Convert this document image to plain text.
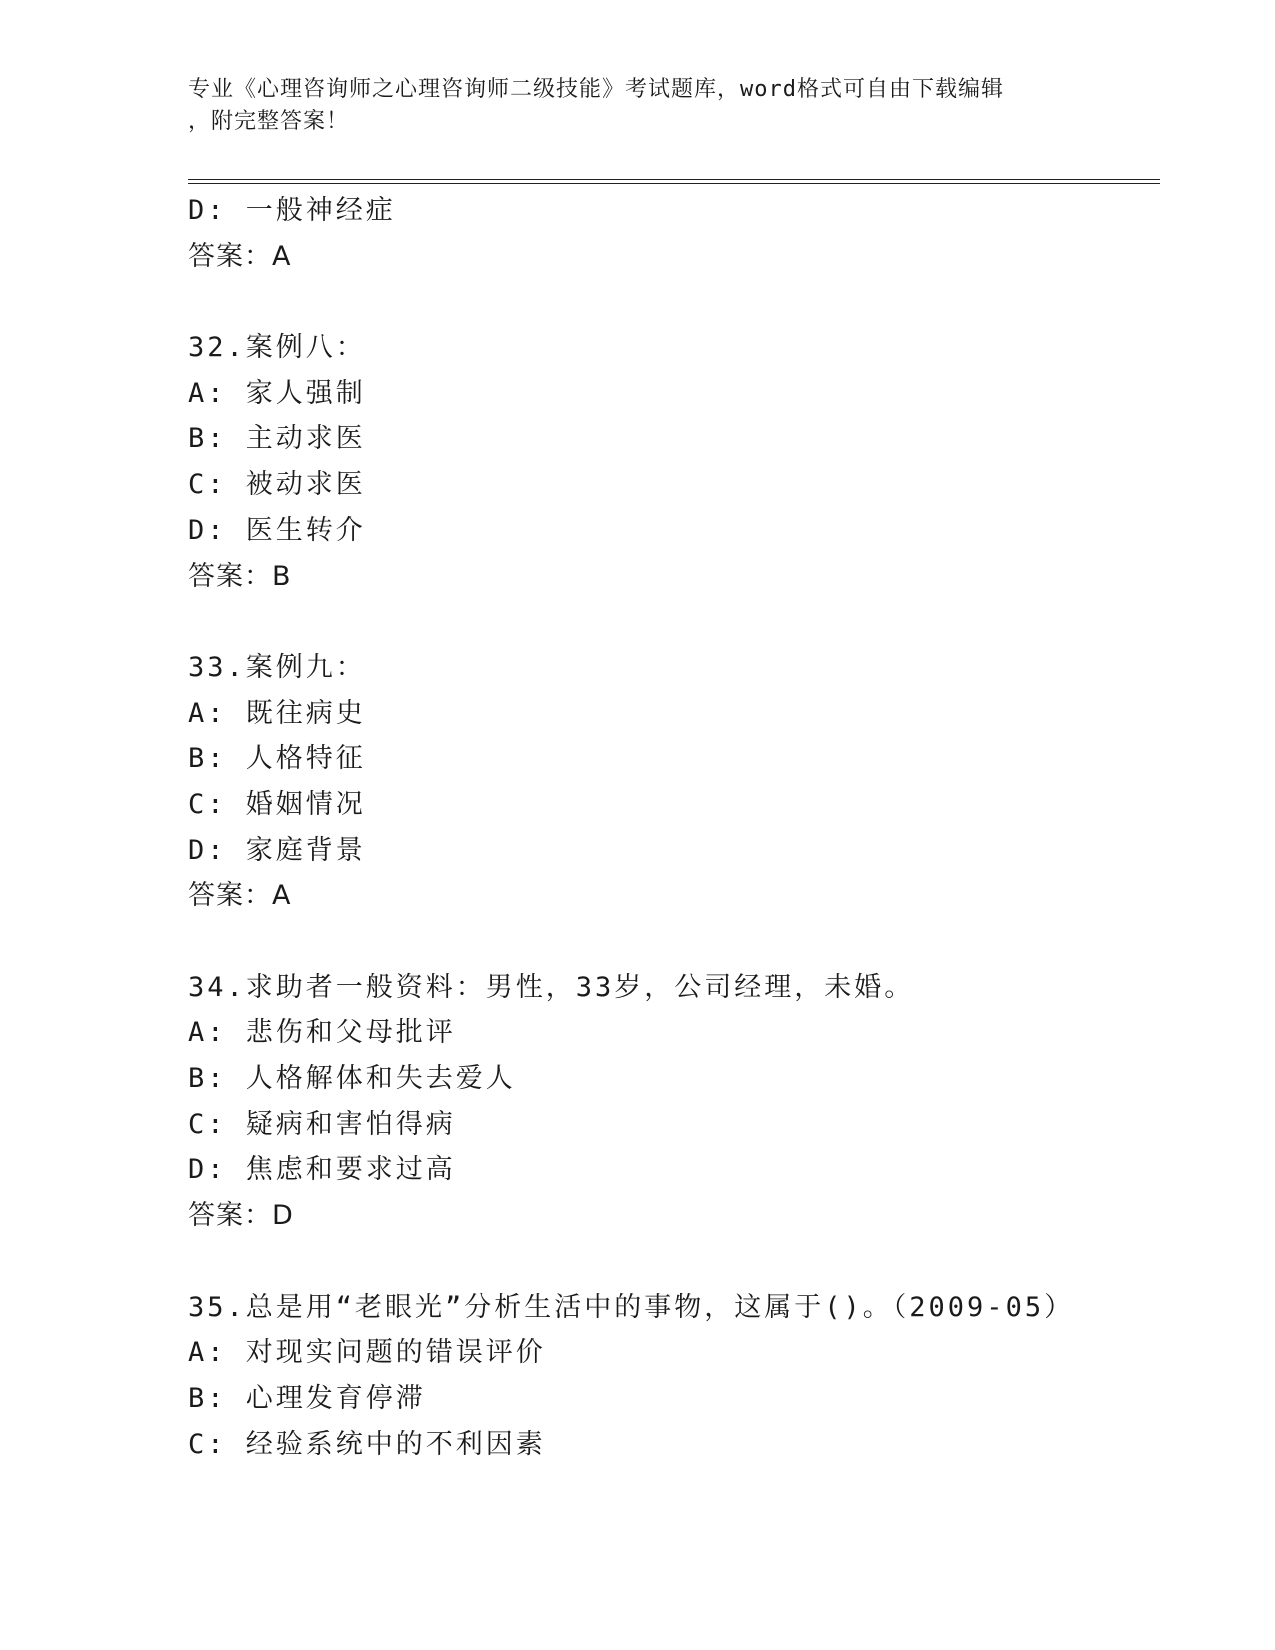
专业《心理咨询师之心理咨询师二级技能》考试题库，word格式可自由下载编辑
，附完整答案！
D: 一般神经症
答案：A
32.案例八：
A: 家人强制
B: 主动求医
C: 被动求医
D: 医生转介
答案：B
33.案例九：
A: 既往病史
B: 人格特征
C: 婚姻情况
D: 家庭背景
答案：A
34.求助者一般资料：男性，33岁，公司经理，未婚。
A: 悲伤和父母批评
B: 人格解体和失去爱人
C: 疑病和害怕得病
D: 焦虑和要求过高
答案：D
35.总是用“老眼光”分析生活中的事物，这属于()。（2009-05）
A: 对现实问题的错误评价
B: 心理发育停滞
C: 经验系统中的不利因素
